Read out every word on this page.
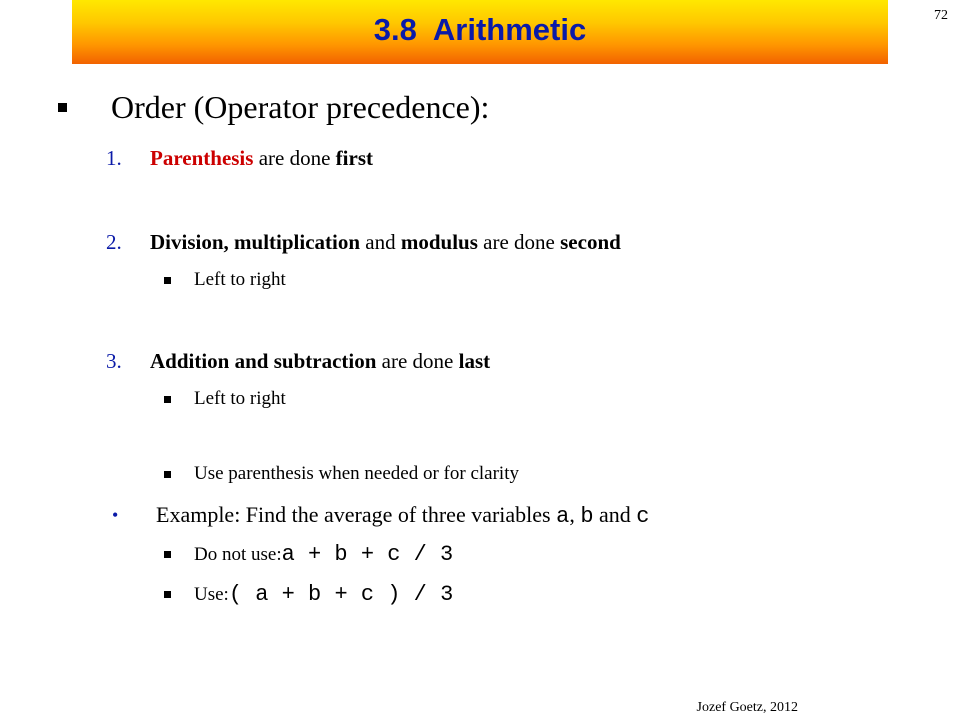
3.8  Arithmetic	72
Order (Operator precedence):
1.	Parenthesis are done first
2.	Division, multiplication and modulus are done second
Left to right
3.	Addition and subtraction are done last
Left to right
Use parenthesis when needed or for clarity
•	Example: Find the average of three variables a, b and c
Do not use: a + b + c / 3
Use: ( a + b + c ) / 3
Jozef Goetz, 2012
